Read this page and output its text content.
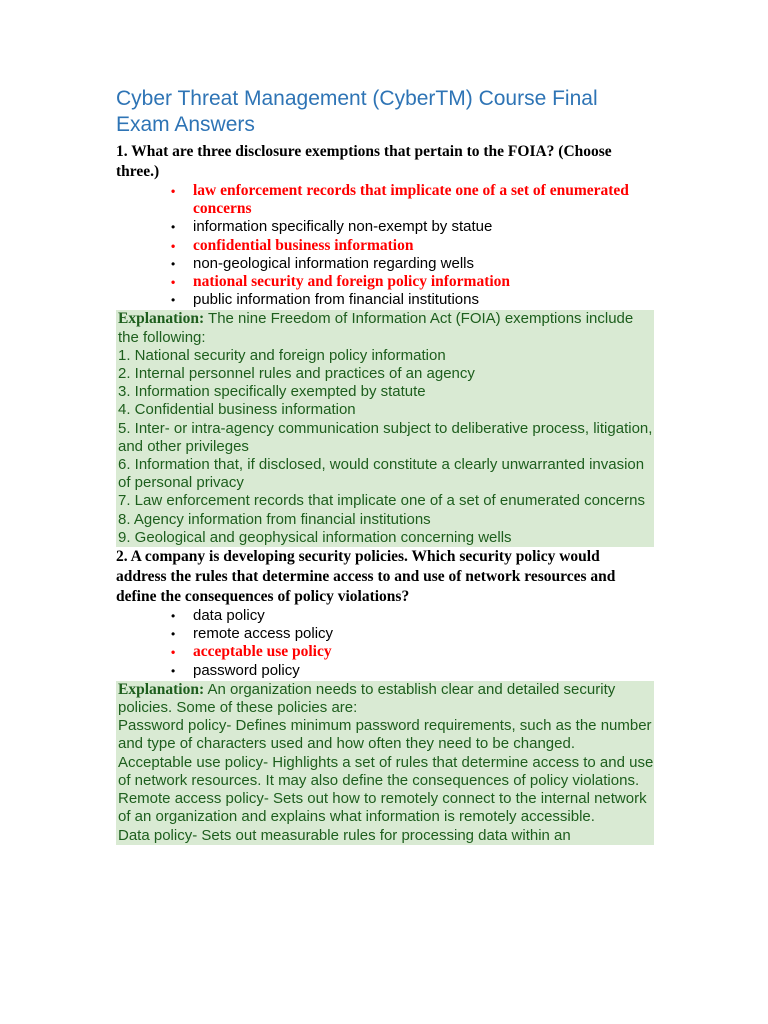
Cyber Threat Management (CyberTM) Course Final Exam Answers

1. What are three disclosure exemptions that pertain to the FOIA? (Choose three.)

• law enforcement records that implicate one of a set of enumerated concerns
• information specifically non-exempt by statue
• confidential business information
• non-geological information regarding wells
• national security and foreign policy information
• public information from financial institutions
Explanation: The nine Freedom of Information Act (FOIA) exemptions include the following:
1. National security and foreign policy information
2. Internal personnel rules and practices of an agency
3. Information specifically exempted by statute
4. Confidential business information
5. Inter- or intra-agency communication subject to deliberative process, litigation, and other privileges
6. Information that, if disclosed, would constitute a clearly unwarranted invasion of personal privacy
7. Law enforcement records that implicate one of a set of enumerated concerns
8. Agency information from financial institutions
9. Geological and geophysical information concerning wells

2. A company is developing security policies. Which security policy would address the rules that determine access to and use of network resources and define the consequences of policy violations?

• data policy
• remote access policy
• acceptable use policy
• password policy
Explanation: An organization needs to establish clear and detailed security policies. Some of these policies are:
Password policy- Defines minimum password requirements, such as the number and type of characters used and how often they need to be changed.
Acceptable use policy- Highlights a set of rules that determine access to and use of network resources. It may also define the consequences of policy violations.
Remote access policy- Sets out how to remotely connect to the internal network of an organization and explains what information is remotely accessible.
Data policy- Sets out measurable rules for processing data within an
